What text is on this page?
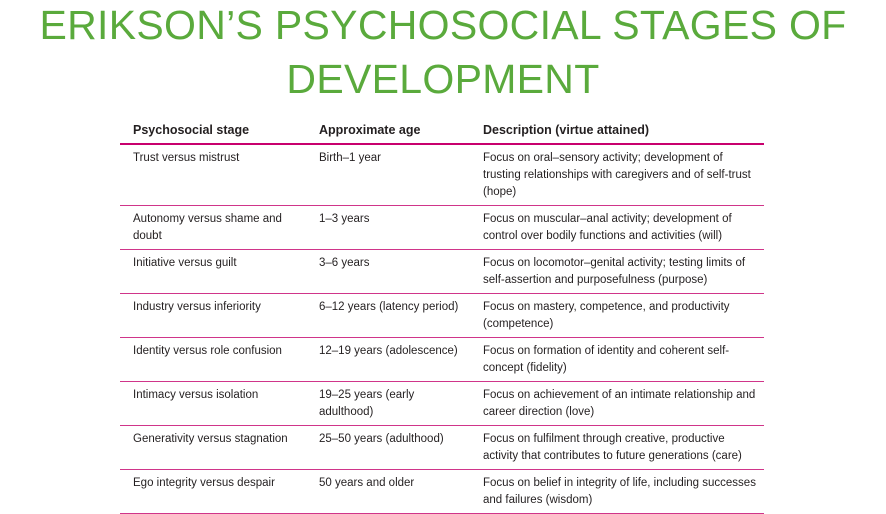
ERIKSON’S PSYCHOSOCIAL STAGES OF
DEVELOPMENT
Psychosocial stage	Approximate age	Description (virtue attained)
Trust versus mistrust	Birth–1 year	Focus on oral–sensory activity; development of trusting relationships with caregivers and of self-trust (hope)
Autonomy versus shame and doubt	1–3 years	Focus on muscular–anal activity; development of control over bodily functions and activities (will)
Initiative versus guilt	3–6 years	Focus on locomotor–genital activity; testing limits of self-assertion and purposefulness (purpose)
Industry versus inferiority	6–12 years (latency period)	Focus on mastery, competence, and productivity (competence)
Identity versus role confusion	12–19 years (adolescence)	Focus on formation of identity and coherent self-concept (fidelity)
Intimacy versus isolation	19–25 years (early adulthood)	Focus on achievement of an intimate relationship and career direction (love)
Generativity versus stagnation	25–50 years (adulthood)	Focus on fulfilment through creative, productive activity that contributes to future generations (care)
Ego integrity versus despair	50 years and older	Focus on belief in integrity of life, including successes and failures (wisdom)
